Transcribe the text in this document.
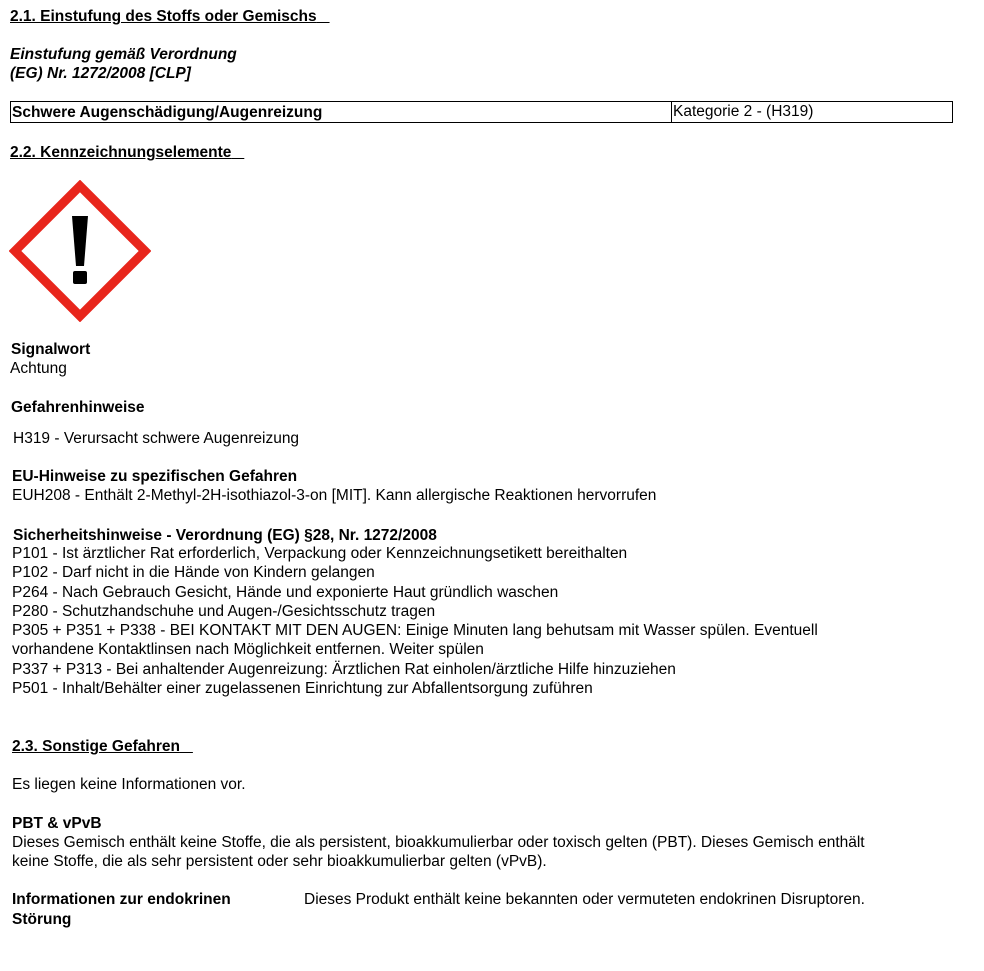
2.1. Einstufung des Stoffs oder Gemischs
Einstufung gemäß Verordnung
(EG) Nr. 1272/2008 [CLP]
Schwere Augenschädigung/Augenreizung	Kategorie 2 - (H319)
2.2. Kennzeichnungselemente
Signalwort
Achtung
Gefahrenhinweise
H319 - Verursacht schwere Augenreizung
EU-Hinweise zu spezifischen Gefahren
EUH208 - Enthält 2-Methyl-2H-isothiazol-3-on [MIT]. Kann allergische Reaktionen hervorrufen
Sicherheitshinweise - Verordnung (EG) §28, Nr. 1272/2008
P101 - Ist ärztlicher Rat erforderlich, Verpackung oder Kennzeichnungsetikett bereithalten
P102 - Darf nicht in die Hände von Kindern gelangen
P264 - Nach Gebrauch Gesicht, Hände und exponierte Haut gründlich waschen
P280 - Schutzhandschuhe und Augen-/Gesichtsschutz tragen
P305 + P351 + P338 - BEI KONTAKT MIT DEN AUGEN: Einige Minuten lang behutsam mit Wasser spülen. Eventuell
vorhandene Kontaktlinsen nach Möglichkeit entfernen. Weiter spülen
P337 + P313 - Bei anhaltender Augenreizung: Ärztlichen Rat einholen/ärztliche Hilfe hinzuziehen
P501 - Inhalt/Behälter einer zugelassenen Einrichtung zur Abfallentsorgung zuführen
2.3. Sonstige Gefahren
Es liegen keine Informationen vor.
PBT & vPvB
Dieses Gemisch enthält keine Stoffe, die als persistent, bioakkumulierbar oder toxisch gelten (PBT). Dieses Gemisch enthält
keine Stoffe, die als sehr persistent oder sehr bioakkumulierbar gelten (vPvB).
Informationen zur endokrinen
Störung
Dieses Produkt enthält keine bekannten oder vermuteten endokrinen Disruptoren.
